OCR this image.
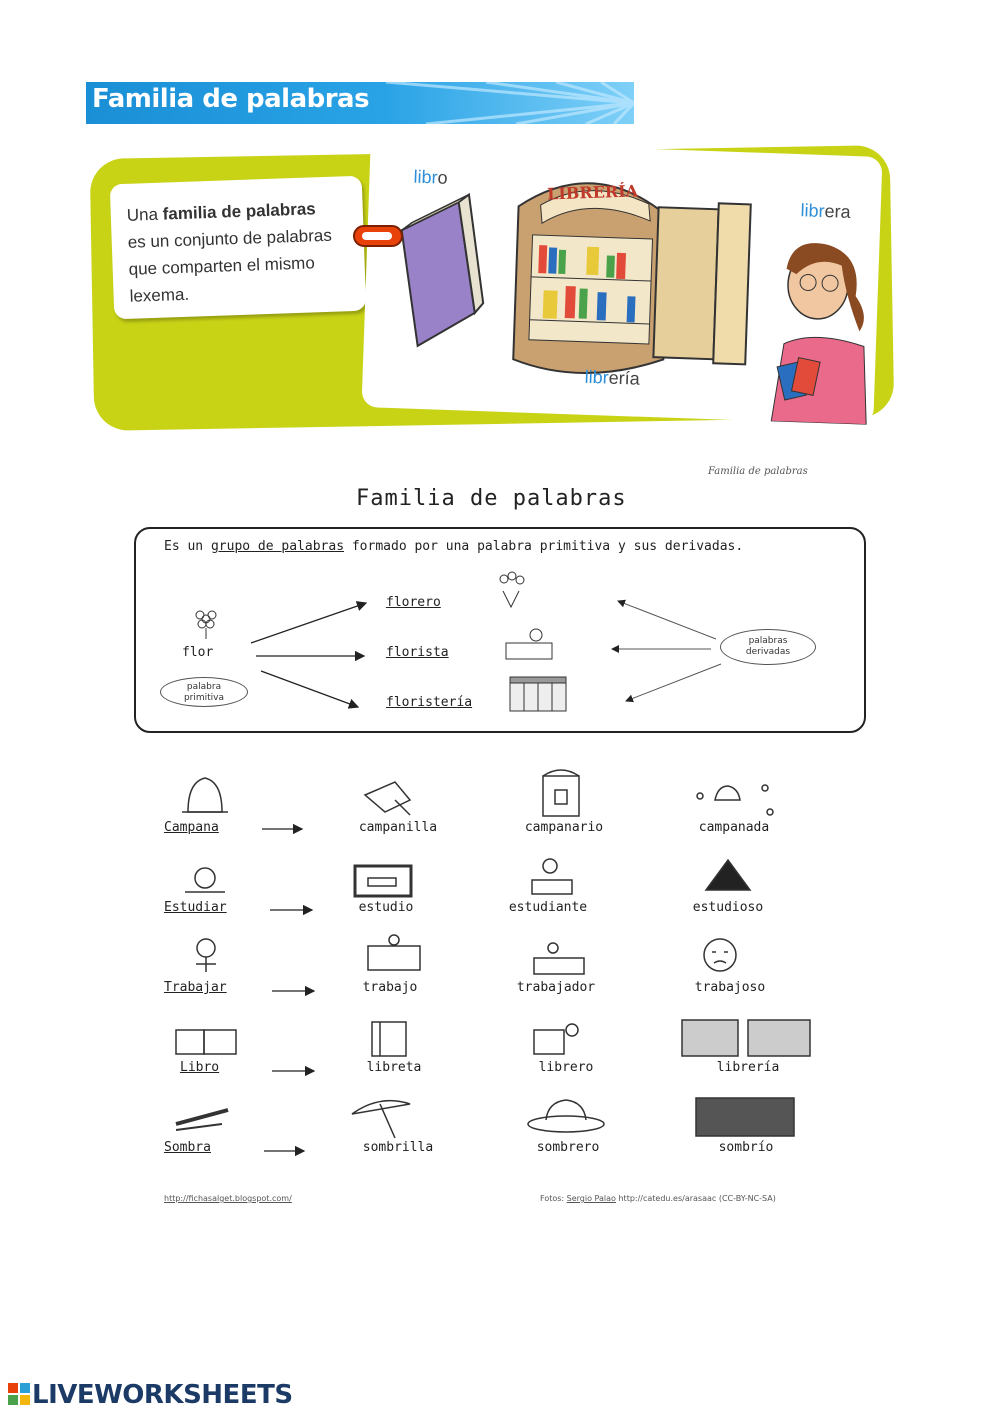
Familia de palabras
Una familia de palabras
es un conjunto de palabras
que comparten el mismo
lexema.
libro
librera
librería
LIBRERÍA
Familia de palabras
Familia de palabras
Es un grupo de palabras formado por una palabra primitiva y sus derivadas.
flor
palabra
primitiva
florero
florista
floristería
palabras
derivadas
Campana	campanilla	campanario	campanada
Estudiar	estudio	estudiante	estudioso
Trabajar	trabajo	trabajador	trabajoso
Libro	libreta	librero	librería
Sombra	sombrilla	sombrero	sombrío
http://fichasalget.blogspot.com/	Fotos: Sergio Palao http://catedu.es/arasaac (CC-BY-NC-SA)
LIVEWORKSHEETS
